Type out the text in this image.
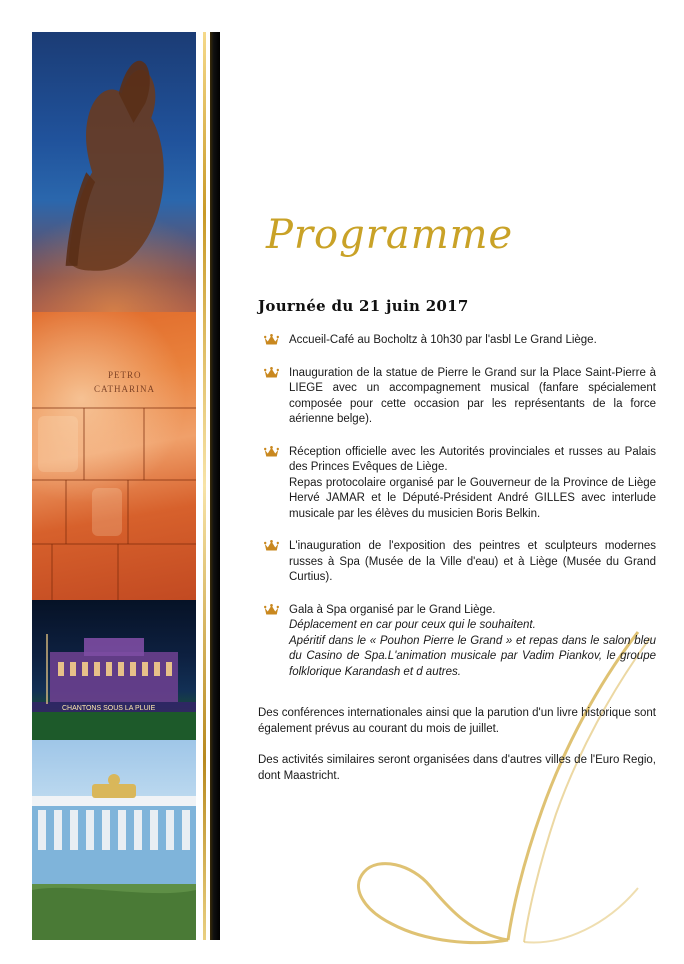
PETRO
CATHARINA
CHANTONS SOUS LA PLUIE
Programme
Journée du 21 juin 2017
Accueil-Café au Bocholtz à 10h30 par l'asbl Le Grand Liège.
Inauguration de la statue de Pierre le Grand sur la Place Saint-Pierre à LIEGE avec un accompagnement musical (fanfare spécialement composée pour cette occasion par les représentants de la force aérienne belge).
Réception officielle avec les Autorités provinciales et russes au Palais des Princes Evêques de Liège.
Repas protocolaire organisé par le Gouverneur de la Province de Liège Hervé JAMAR et le Député-Président André GILLES avec interlude musicale par les élèves du musicien Boris Belkin.
L'inauguration de l'exposition des peintres et sculpteurs modernes russes à Spa (Musée de la Ville d'eau) et à Liège (Musée du Grand Curtius).
Gala à Spa organisé par le Grand Liège.
Déplacement en car pour ceux qui le souhaitent.
Apéritif dans le « Pouhon Pierre le Grand » et repas dans le salon bleu du Casino de Spa.L'animation musicale par Vadim Piankov, le groupe folklorique Karandash et d autres.

Des conférences internationales ainsi que la parution d'un livre historique sont également prévus au courant du mois de juillet.

Des activités similaires seront organisées dans d'autres villes de l'Euro Regio, dont Maastricht.
